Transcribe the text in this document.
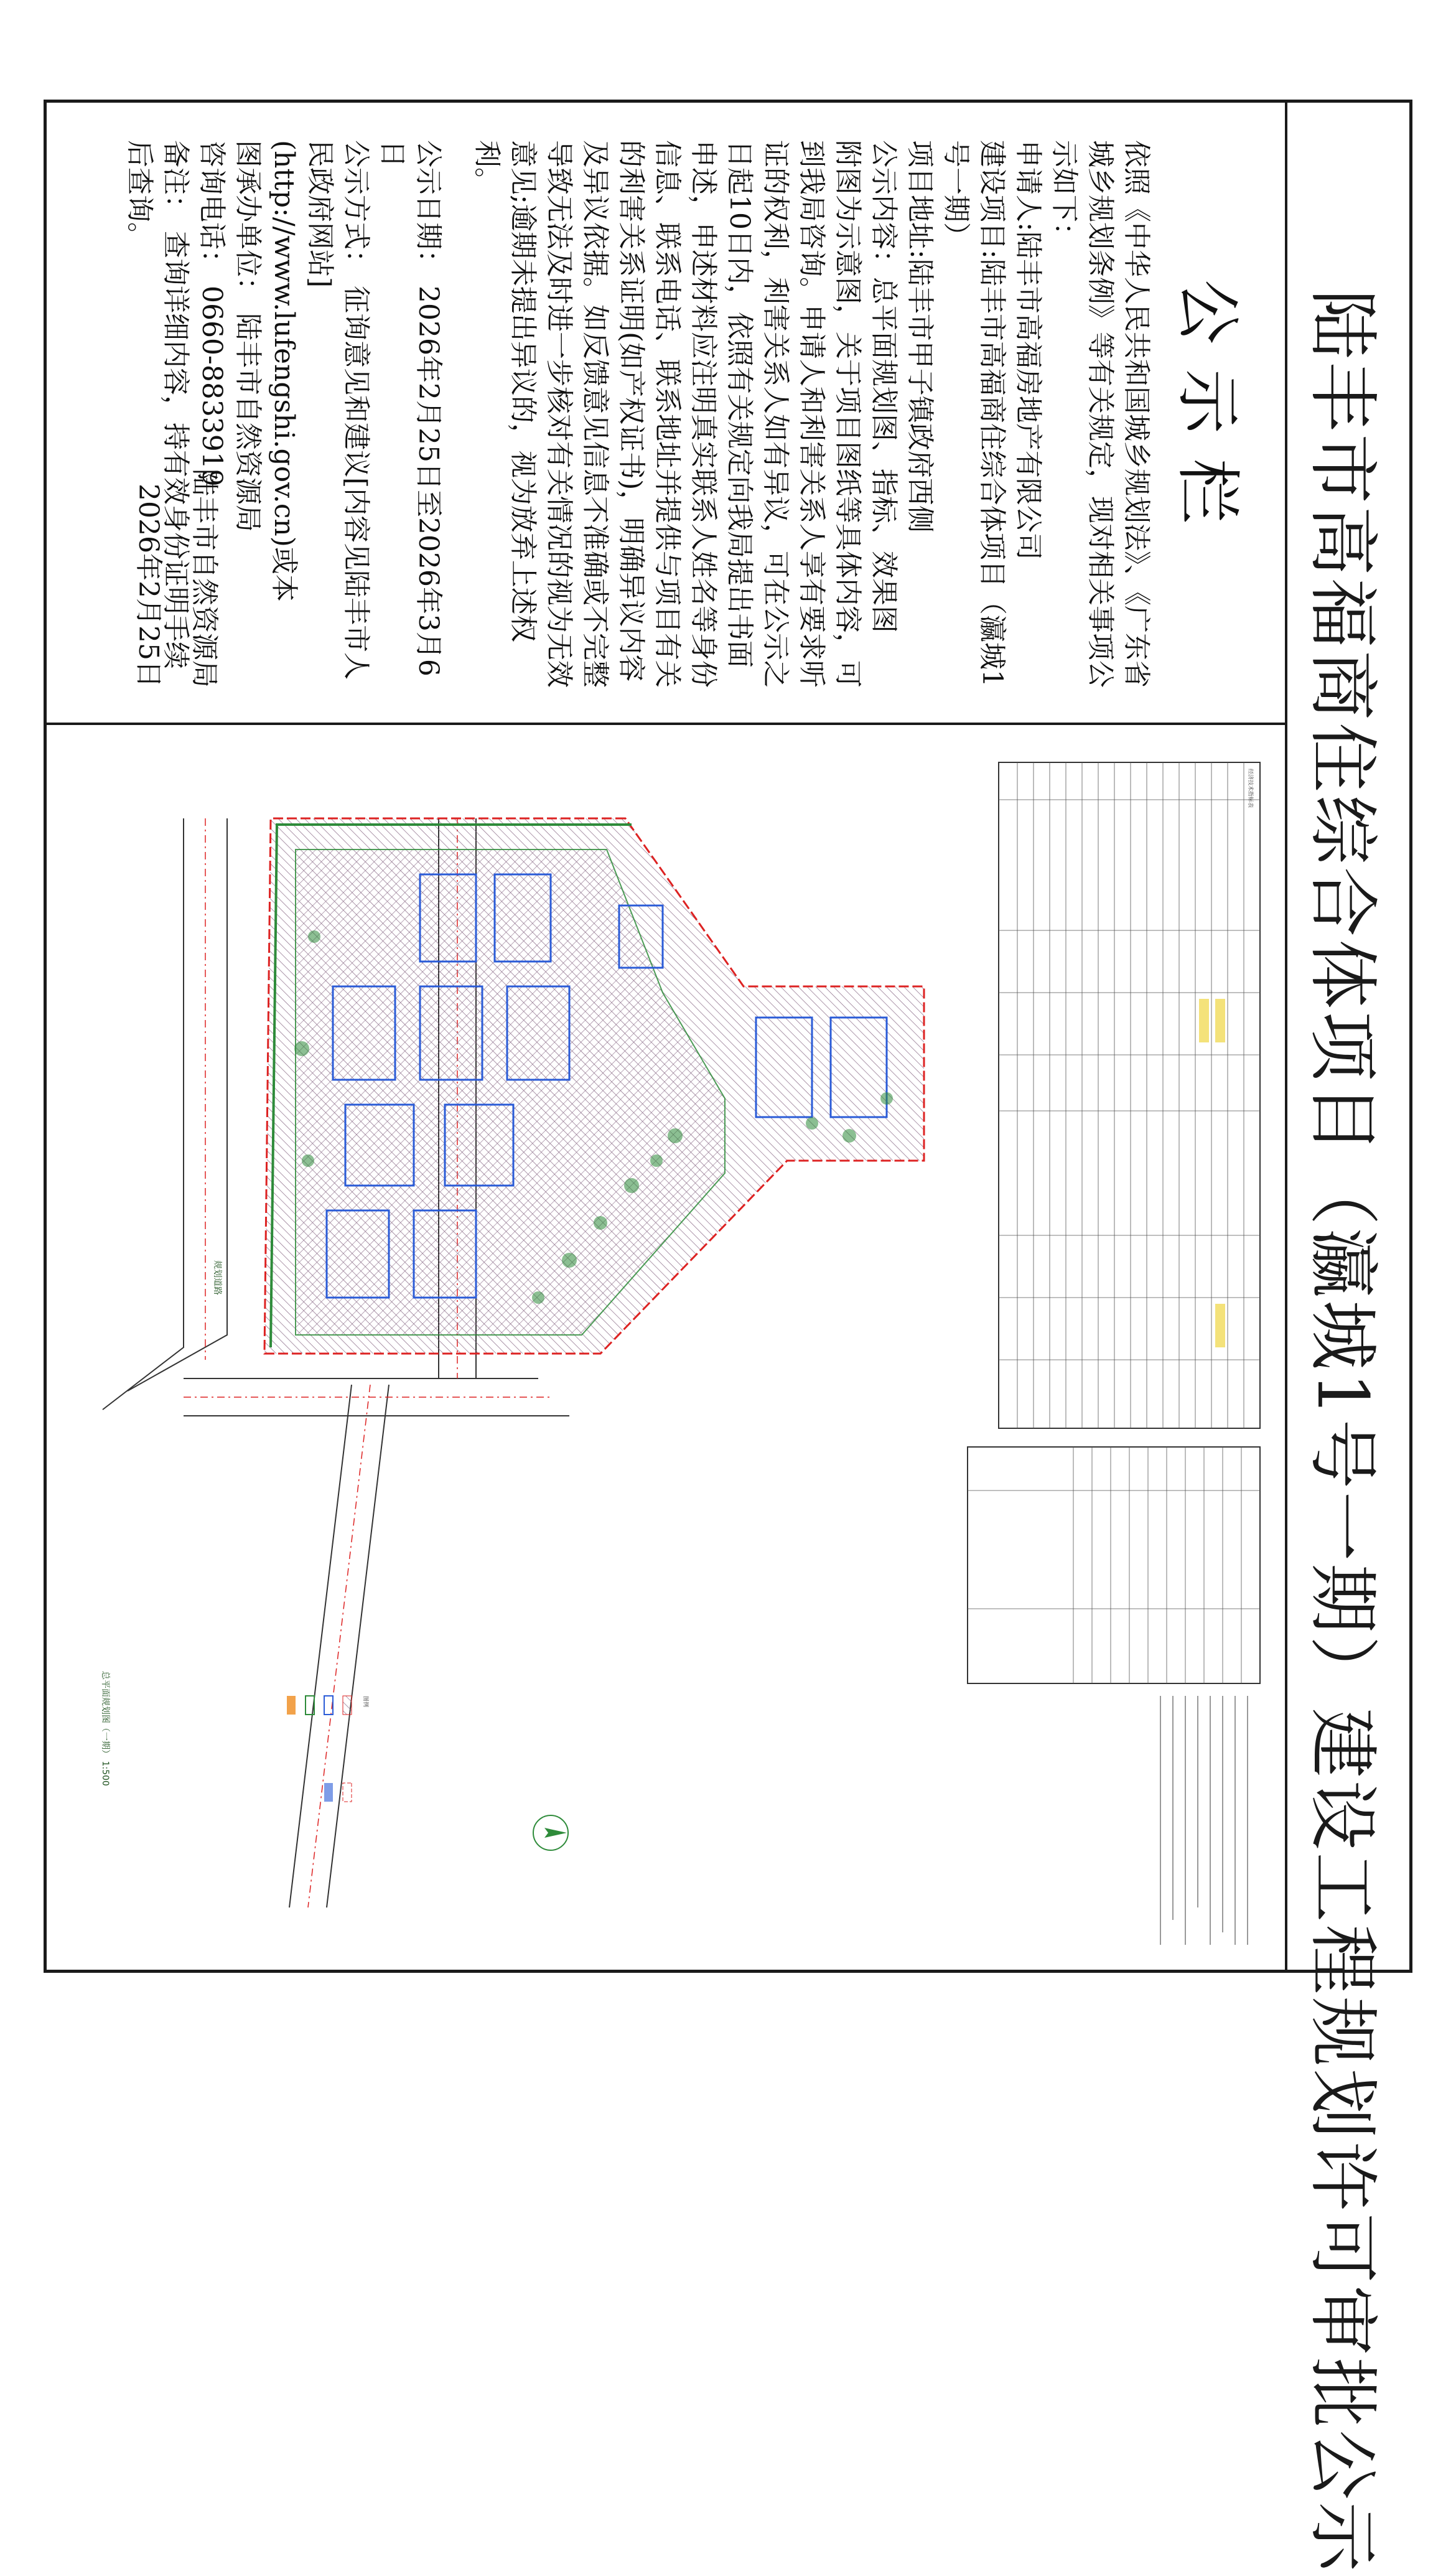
陆丰市高福商住综合体项目（瀛城1号一期）建设工程规划许可审批公示
公示栏

依照《中华人民共和国城乡规划法》、《广东省城乡规划条例》等有关规定，现对相关事项公示如下：

申请人:陆丰市高福房地产有限公司

建设项目:陆丰市高福商住综合体项目（瀛城1号一期）

项目地址:陆丰市甲子镇政府西侧

公示内容：总平面规划图、指标、效果图

附图为示意图，关于项目图纸等具体内容，可到我局咨询。申请人和利害关系人享有要求听证的权利，利害关系人如有异议，可在公示之日起10日内，依照有关规定向我局提出书面申述，申述材料应注明真实联系人姓名等身份信息、联系电话、联系地址并提供与项目有关的利害关系证明(如产权证书)，明确异议内容及异议依据。如反馈意见信息不准确或不完整导致无法及时进一步核对有关情况的视为无效意见;逾期未提出异议的，视为放弃上述权利。

公示日期： 2026年2月25日至2026年3月6日

公示方式： 征询意见和建议[内容见陆丰市人民政府网站](http://www.lufengshi.gov.cn)或本

图承办单位： 陆丰市自然资源局

咨询电话： 0660-8833919

备注： 查询详细内容，持有效身份证明手续后查询。

陆丰市自然资源局
2026年2月25日
规划道路
总平面规划图（一期） 1:500
经济技术指标表
图例
